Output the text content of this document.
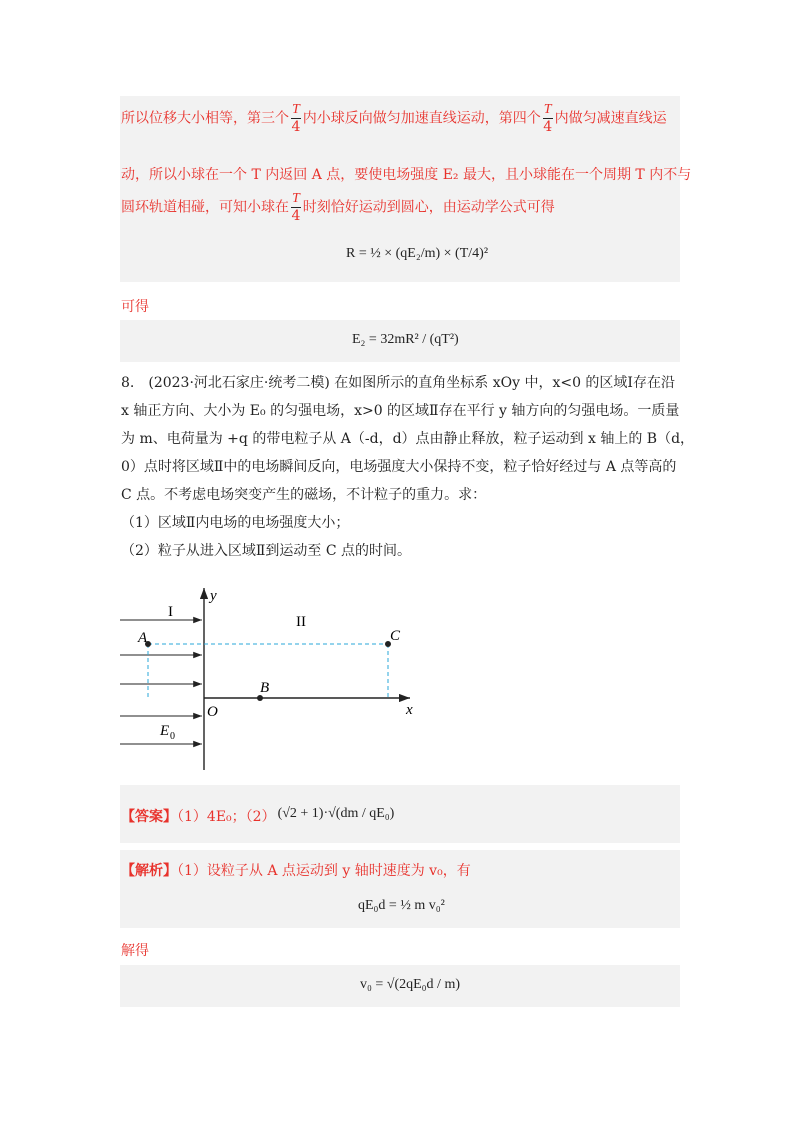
所以位移大小相等，第三个 $\frac{T}{4}$ 内小球反向做匀加速直线运动，第四个 $\frac{T}{4}$ 内做匀减速直线运
动，所以小球在一个 T 内返回 A 点，要使电场强度 E₂ 最大，且小球能在一个周期 T 内不与
圆环轨道相碰，可知小球在 $\frac{T}{4}$ 时刻恰好运动到圆心，由运动学公式可得
R = ½ × (qE₂/m) × (T/4)²
可得
E₂ = 32mR² / (qT²)
8.　(2023·河北石家庄·统考二模) 在如图所示的直角坐标系 xOy 中，x<0 的区域Ⅰ存在沿
x 轴正方向、大小为 E₀ 的匀强电场，x>0 的区域Ⅱ存在平行 y 轴方向的匀强电场。一质量
为 m、电荷量为 +q 的带电粒子从 A（-d，d）点由静止释放，粒子运动到 x 轴上的 B（d，
0）点时将区域Ⅱ中的电场瞬间反向，电场强度大小保持不变，粒子恰好经过与 A 点等高的
C 点。不考虑电场突变产生的磁场，不计粒子的重力。求：
（1）区域Ⅱ内电场的电场强度大小；
（2）粒子从进入区域Ⅱ到运动至 C 点的时间。
I
II
A	C
B
O	x
y
E 0
【答案】（1）4E₀；（2） (√2 + 1)·√(dm / qE₀)
【解析】（1）设粒子从 A 点运动到 y 轴时速度为 v₀，有
qE₀d = ½ m v₀²
解得
v₀ = √(2qE₀d / m)
